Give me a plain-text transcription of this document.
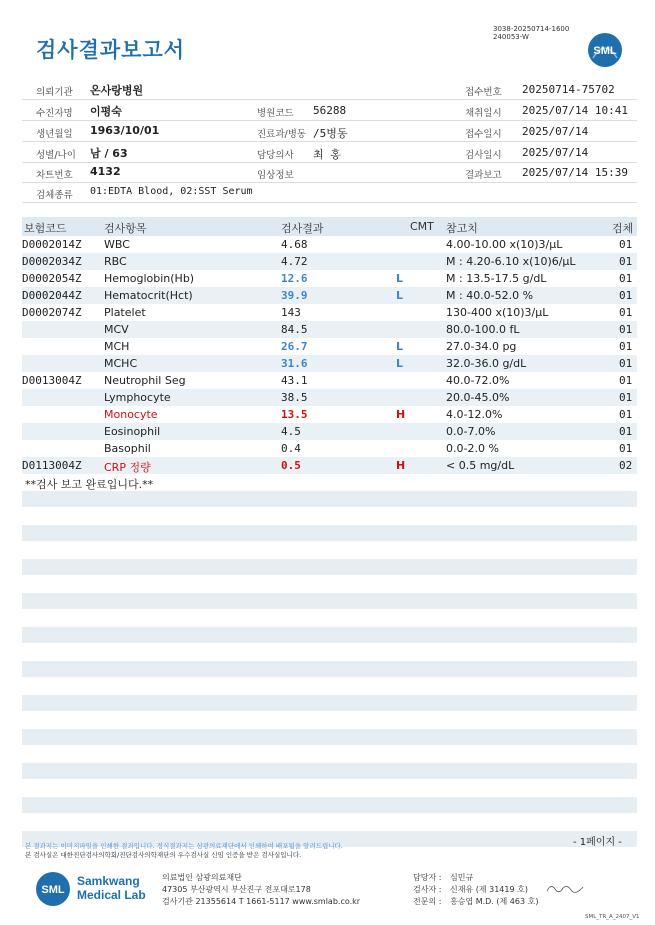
검사결과보고서
3038-20250714-1600
240053-W
SML
의뢰기관 온사랑병원
수진자명 이평숙
생년월일 1963/10/01
성별/나이 남 / 63
차트번호 4132
검체종류 01:EDTA Blood, 02:SST Serum
병원코드 56288
진료과/병동 /5병동
담당의사 최 홍
임상정보
접수번호 20250714-75702
채취일시 2025/07/14 10:41
접수일시 2025/07/14
검사일시 2025/07/14
결과보고 2025/07/14 15:39
보험코드	검사항목	검사결과	CMT 참고치	검체
D0002014Z WBC	4.68	4.00-10.00 x(10)3/μL	01
D0002034Z RBC	4.72	M : 4.20-6.10 x(10)6/μL	01
D0002054Z Hemoglobin(Hb)	12.6	L	M : 13.5-17.5 g/dL	01
D0002044Z Hematocrit(Hct)	39.9	L	M : 40.0-52.0 %	01
D0002074Z Platelet	143	130-400 x(10)3/μL	01
MCV	84.5	80.0-100.0 fL	01
MCH	26.7	L	27.0-34.0 pg	01
MCHC	31.6	L	32.0-36.0 g/dL	01
D0013004Z Neutrophil Seg	43.1	40.0-72.0%	01
Lymphocyte	38.5	20.0-45.0%	01
Monocyte	13.5	H	4.0-12.0%	01
Eosinophil	4.5	0.0-7.0%	01
Basophil	0.4	0.0-2.0 %	01
D0113004Z CRP 정량	0.5	H	< 0.5 mg/dL	02
**검사 보고 완료입니다.**
- 1페이지 -
본 결과지는 이미지파일을 인쇄한 결과입니다. 정식결과지는 삼광의료재단에서 인쇄하여 배포됨을 알려드립니다.
본 검사실은 대한진단검사의학회/진단검사의학재단의 우수검사실 신임 인증을 받은 검사실입니다.
SML
Samkwang
Medical Lab
의료법인 삼광의료재단
47305 부산광역시 부산진구 전포대로178
검사기관 21355614 T 1661-5117 www.smlab.co.kr
담당자 : 심민규
검사자 : 신재유 (제 31419 호)
전문의 : 홍승엽 M.D. (제 463 호)
SML_TR_A_2407_V1
